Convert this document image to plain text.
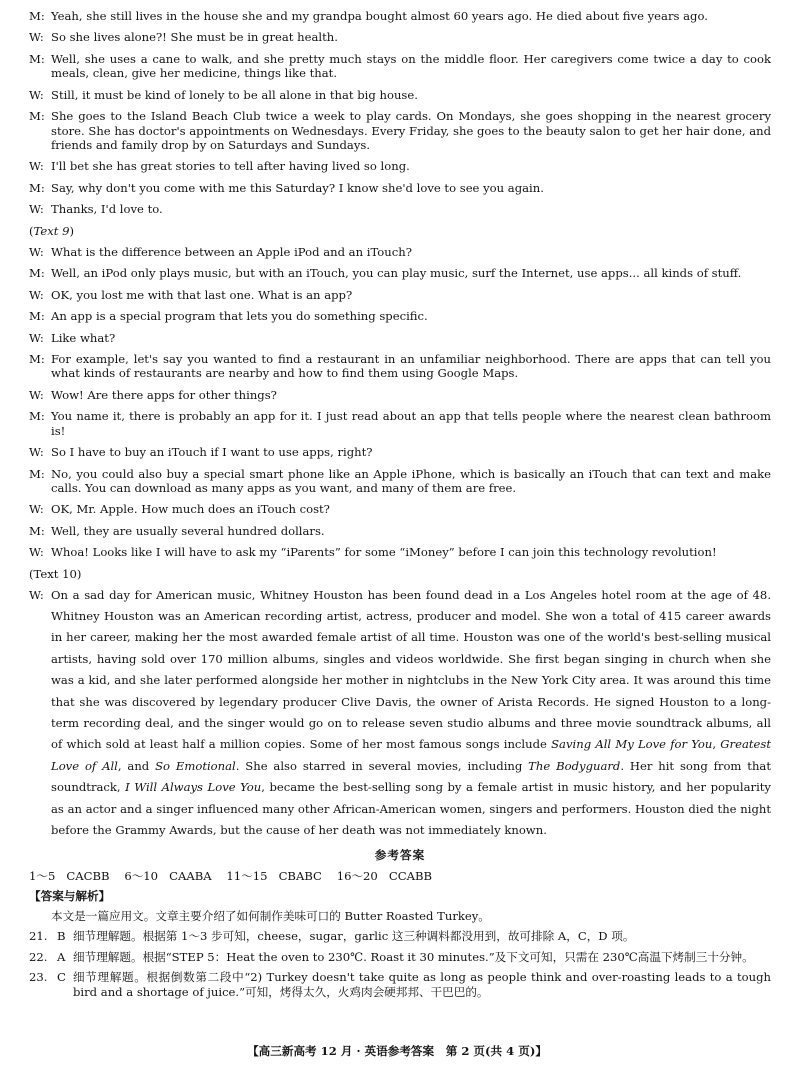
M: Yeah, she still lives in the house she and my grandpa bought almost 60 years ago. He died about five years ago.
W: So she lives alone?! She must be in great health.
M: Well, she uses a cane to walk, and she pretty much stays on the middle floor. Her caregivers come twice a day to cook meals, clean, give her medicine, things like that.
W: Still, it must be kind of lonely to be all alone in that big house.
M: She goes to the Island Beach Club twice a week to play cards. On Mondays, she goes shopping in the nearest grocery store. She has doctor's appointments on Wednesdays. Every Friday, she goes to the beauty salon to get her hair done, and friends and family drop by on Saturdays and Sundays.
W: I'll bet she has great stories to tell after having lived so long.
M: Say, why don't you come with me this Saturday? I know she'd love to see you again.
W: Thanks, I'd love to.
(Text 9)
W: What is the difference between an Apple iPod and an iTouch?
M: Well, an iPod only plays music, but with an iTouch, you can play music, surf the Internet, use apps... all kinds of stuff.
W: OK, you lost me with that last one. What is an app?
M: An app is a special program that lets you do something specific.
W: Like what?
M: For example, let's say you wanted to find a restaurant in an unfamiliar neighborhood. There are apps that can tell you what kinds of restaurants are nearby and how to find them using Google Maps.
W: Wow! Are there apps for other things?
M: You name it, there is probably an app for it. I just read about an app that tells people where the nearest clean bathroom is!
W: So I have to buy an iTouch if I want to use apps, right?
M: No, you could also buy a special smart phone like an Apple iPhone, which is basically an iTouch that can text and make calls. You can download as many apps as you want, and many of them are free.
W: OK, Mr. Apple. How much does an iTouch cost?
M: Well, they are usually several hundred dollars.
W: Whoa! Looks like I will have to ask my “iParents” for some “iMoney” before I can join this technology revolution!
(Text 10)
W: On a sad day for American music, Whitney Houston has been found dead in a Los Angeles hotel room at the age of 48. Whitney Houston was an American recording artist, actress, producer and model. She won a total of 415 career awards in her career, making her the most awarded female artist of all time. Houston was one of the world's best-selling musical artists, having sold over 170 million albums, singles and videos worldwide. She first began singing in church when she was a kid, and she later performed alongside her mother in nightclubs in the New York City area. It was around this time that she was discovered by legendary producer Clive Davis, the owner of Arista Records. He signed Houston to a long-term recording deal, and the singer would go on to release seven studio albums and three movie soundtrack albums, all of which sold at least half a million copies. Some of her most famous songs include Saving All My Love for You, Greatest Love of All, and So Emotional. She also starred in several movies, including The Bodyguard. Her hit song from that soundtrack, I Will Always Love You, became the best-selling song by a female artist in music history, and her popularity as an actor and a singer influenced many other African-American women, singers and performers. Houston died the night before the Grammy Awards, but the cause of her death was not immediately known.
参考答案
1～5 CACBB 6～10 CAABA 11～15 CBABC 16～20 CCABB
【答案与解析】
本文是一篇应用文。文章主要介绍了如何制作美味可口的 Butter Roasted Turkey。
21. B 细节理解题。根据第 1～3 步可知，cheese，sugar，garlic 这三种调料都没用到，故可排除 A，C，D 项。
22. A 细节理解题。根据“STEP 5：Heat the oven to 230℃. Roast it 30 minutes.”及下文可知，只需在 230℃高温下烤制三十分钟。
23. C 细节理解题。根据倒数第二段中“2) Turkey doesn't take quite as long as people think and over-roasting leads to a tough bird and a shortage of juice.”可知，烤得太久，火鸡肉会硬邦邦、干巴巴的。
【高三新高考 12 月 · 英语参考答案　第 2 页(共 4 页)】
